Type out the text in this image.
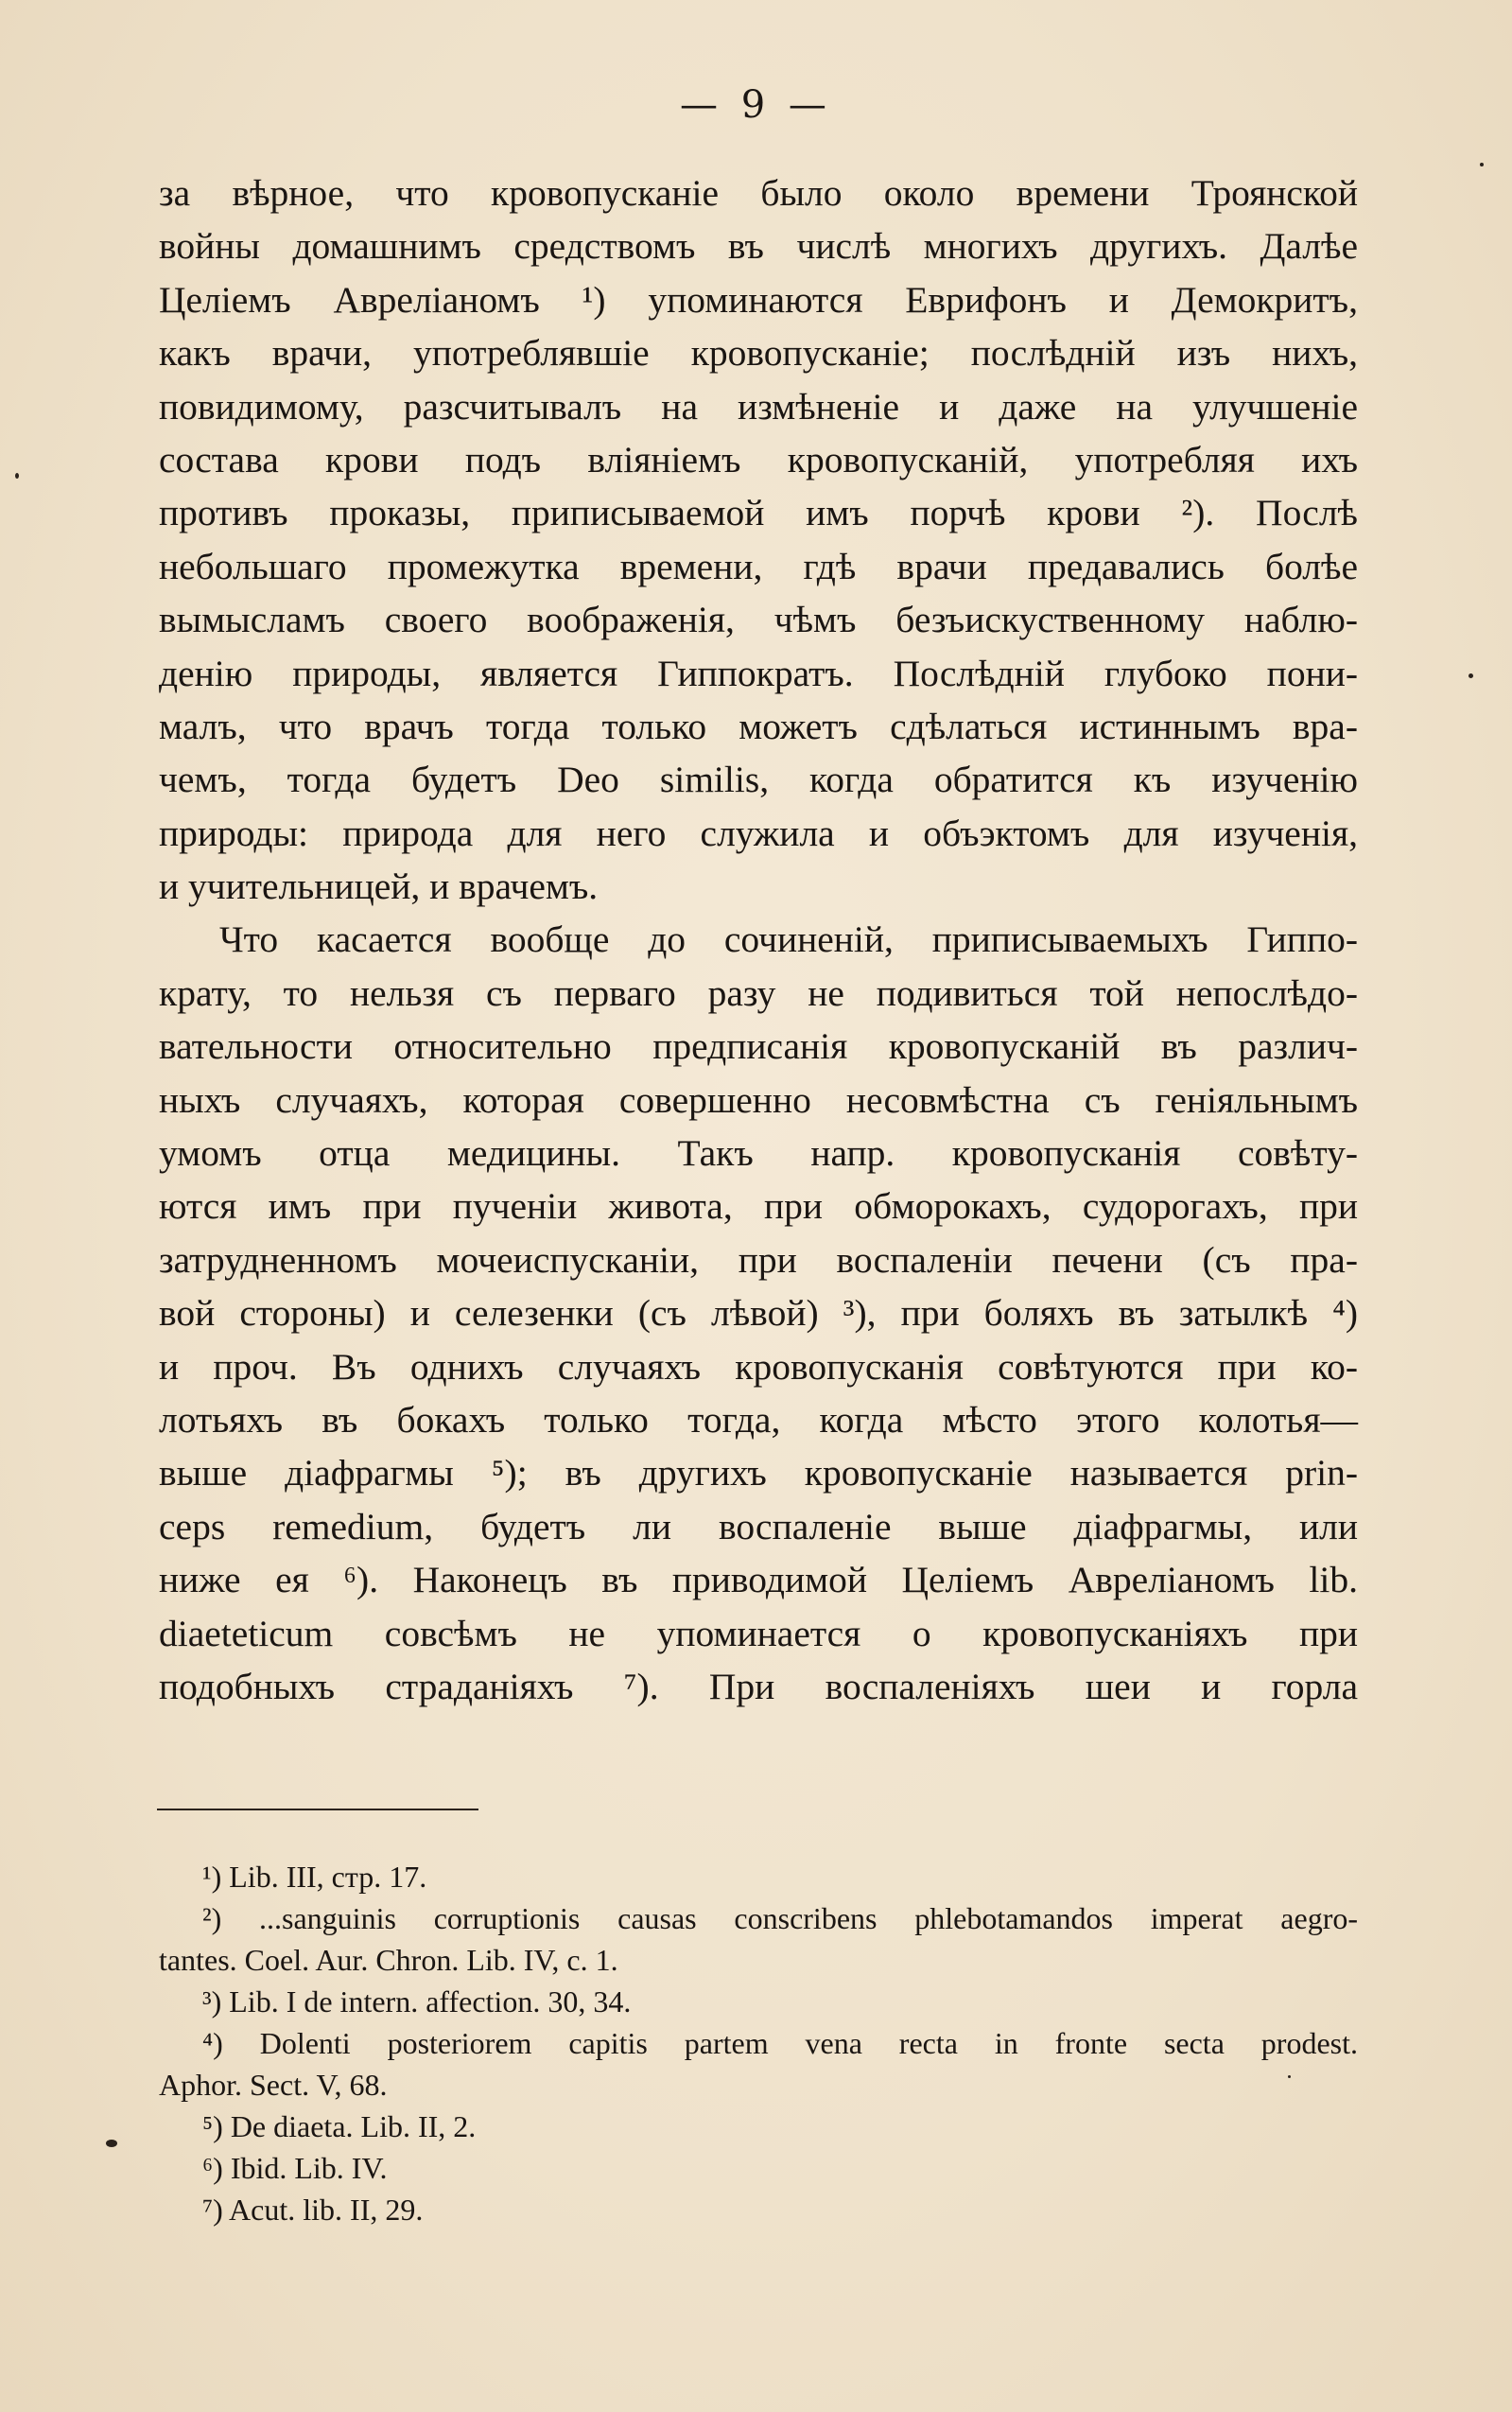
— 9 —
за вѣрное, что кровопусканіе было около времени Троянской
войны домашнимъ средствомъ въ числѣ многихъ другихъ. Далѣе
Целіемъ Авреліаномъ ¹) упоминаются Еврифонъ и Демокритъ,
какъ врачи, употреблявшіе кровопусканіе; послѣдній изъ нихъ,
повидимому, разсчитывалъ на измѣненіе и даже на улучшеніе
состава крови подъ вліяніемъ кровопусканій, употребляя ихъ
противъ проказы, приписываемой имъ порчѣ крови ²). Послѣ
небольшаго промежутка времени, гдѣ врачи предавались болѣе
вымысламъ своего воображенія, чѣмъ безъискуственному наблю-
денію природы, является Гиппократъ. Послѣдній глубоко пони-
малъ, что врачъ тогда только можетъ сдѣлаться истиннымъ вра-
чемъ, тогда будетъ Deo similis, когда обратится къ изученію
природы: природа для него служила и объэктомъ для изученія,
и учительницей, и врачемъ.
Что касается вообще до сочиненій, приписываемыхъ Гиппо-
крату, то нельзя съ перваго разу не подивиться той непослѣдо-
вательности относительно предписанія кровопусканій въ различ-
ныхъ случаяхъ, которая совершенно несовмѣстна съ геніяльнымъ
умомъ отца медицины. Такъ напр. кровопусканія совѣту-
ются имъ при пученіи живота, при обморокахъ, судорогахъ, при
затрудненномъ мочеиспусканіи, при воспаленіи печени (съ пра-
вой стороны) и селезенки (съ лѣвой) ³), при боляхъ въ затылкѣ ⁴)
и проч. Въ однихъ случаяхъ кровопусканія совѣтуются при ко-
лотьяхъ въ бокахъ только тогда, когда мѣсто этого колотья—
выше діафрагмы ⁵); въ другихъ кровопусканіе называется prin-
ceps remedium, будетъ ли воспаленіе выше діафрагмы, или
ниже ея ⁶). Наконецъ въ приводимой Целіемъ Авреліаномъ lib.
diaeteticum совсѣмъ не упоминается о кровопусканіяхъ при
подобныхъ страданіяхъ ⁷). При воспаленіяхъ шеи и горла
¹) Lib. III, стр. 17.
²) ...sanguinis corruptionis causas conscribens phlebotamandos imperat aegro-
tantes. Coel. Aur. Chron. Lib. IV, c. 1.
³) Lib. I de intern. affection. 30, 34.
⁴) Dolenti posteriorem capitis partem vena recta in fronte secta prodest.
Aphor. Sect. V, 68.
⁵) De diaeta. Lib. II, 2.
⁶) Ibid. Lib. IV.
⁷) Acut. lib. II, 29.
